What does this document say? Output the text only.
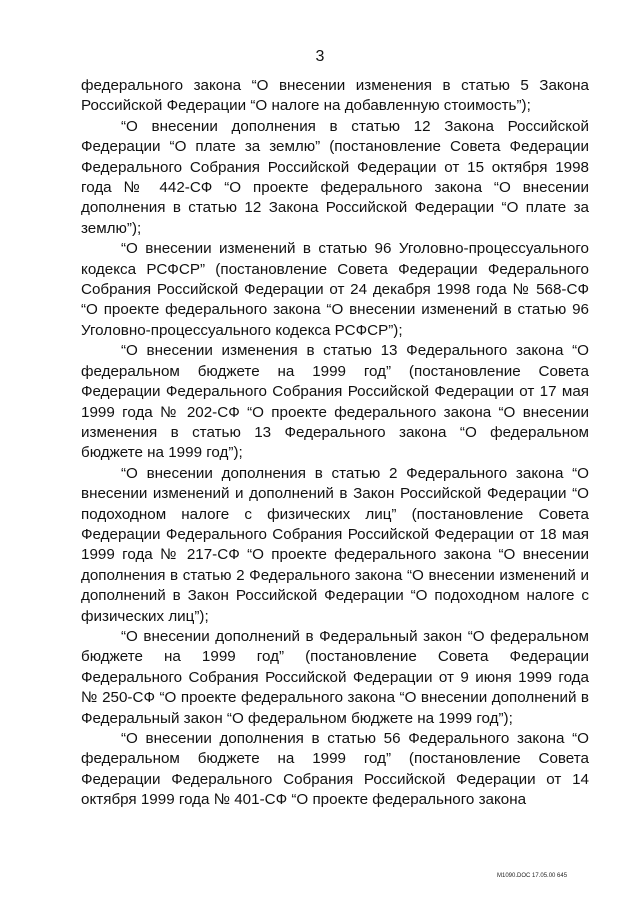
3

федерального закона “О внесении изменения в статью 5 Закона Российской Федерации “О налоге на добавленную стоимость”);

“О внесении дополнения в статью 12 Закона Российской Федерации “О плате за землю” (постановление Совета Федерации Федерального Собрания Российской Федерации от 15 октября 1998 года № 442-СФ “О проекте федерального закона “О внесении дополнения в статью 12 Закона Российской Федерации “О плате за землю”);

“О внесении изменений в статью 96 Уголовно-процессуального кодекса РСФСР” (постановление Совета Федерации Федерального Собрания Российской Федерации от 24 декабря 1998 года № 568-СФ “О проекте федерального закона “О внесении изменений в статью 96 Уголовно-процессуального кодекса РСФСР”);

“О внесении изменения в статью 13 Федерального закона “О федеральном бюджете на 1999 год” (постановление Совета Федерации Федерального Собрания Российской Федерации от 17 мая 1999 года № 202-СФ “О проекте федерального закона “О внесении изменения в статью 13 Федерального закона “О федеральном бюджете на 1999 год”);

“О внесении дополнения в статью 2 Федерального закона “О внесении изменений и дополнений в Закон Российской Федерации “О подоходном налоге с физических лиц” (постановление Совета Федерации Федерального Собрания Российской Федерации от 18 мая 1999 года № 217-СФ “О проекте федерального закона “О внесении дополнения в статью 2 Федерального закона “О внесении изменений и дополнений в Закон Российской Федерации “О подоходном налоге с физических лиц”);

“О внесении дополнений в Федеральный закон “О федеральном бюджете на 1999 год” (постановление Совета Федерации Федерального Собрания Российской Федерации от 9 июня 1999 года № 250-СФ “О проекте федерального закона “О внесении дополнений в Федеральный закон “О федеральном бюджете на 1999 год”);

“О внесении дополнения в статью 56 Федерального закона “О федеральном бюджете на 1999 год” (постановление Совета Федерации Федерального Собрания Российской Федерации от 14 октября 1999 года № 401-СФ “О проекте федерального закона

М1090.DOC 17.05.00 645
